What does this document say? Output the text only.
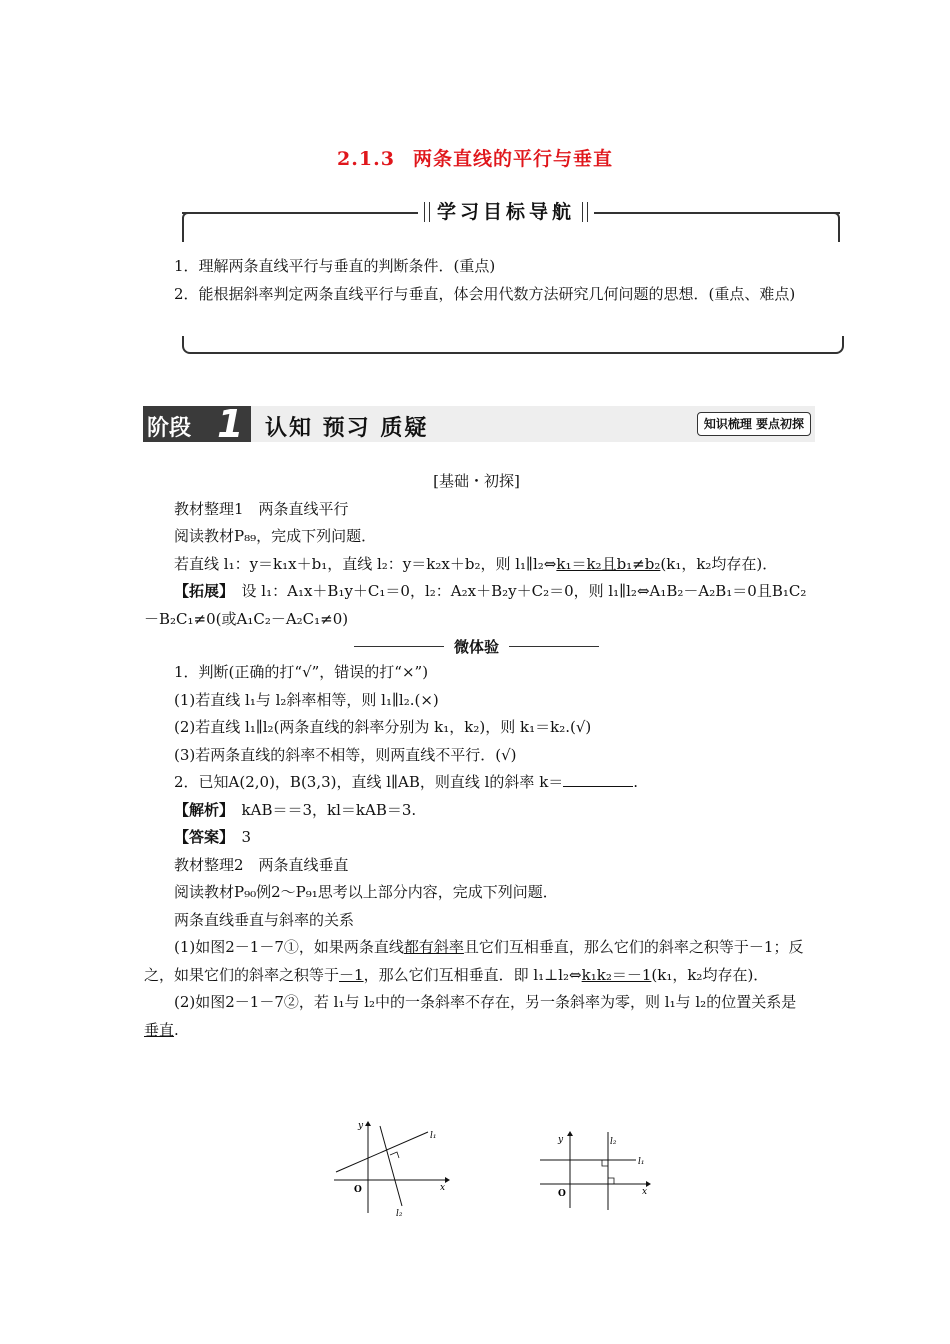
2.1.3 两条直线的平行与垂直
学习目标导航

1．理解两条直线平行与垂直的判断条件．(重点)

2．能根据斜率判定两条直线平行与垂直，体会用代数方法研究几何问题的思想．(重点、难点)

阶段 1 认知 预习 质疑	知识梳理 要点初探

[基础・初探]

教材整理1　两条直线平行

阅读教材P₈₉，完成下列问题．

若直线 l₁：y＝k₁x＋b₁，直线 l₂：y＝k₂x＋b₂，则 l₁∥l₂⇔k₁＝k₂且b₁≠b₂(k₁，k₂均存在)．

【拓展】　 设 l₁：A₁x＋B₁y＋C₁＝0，l₂：A₂x＋B₂y＋C₂＝0，则 l₁∥l₂⇔A₁B₂－A₂B₁＝0且B₁C₂－B₂C₁≠0(或A₁C₂－A₂C₁≠0)

微体验

1．判断(正确的打“√”，错误的打“×”)

(1)若直线 l₁与 l₂斜率相等，则 l₁∥l₂.(×)

(2)若直线 l₁∥l₂(两条直线的斜率分别为 k₁，k₂)，则 k₁＝k₂.(√)

(3)若两条直线的斜率不相等，则两直线不平行．(√)

2．已知A(2,0)，B(3,3)，直线 l∥AB，则直线 l的斜率 k＝	.

【解析】　 kAB＝＝3，kl＝kAB＝3.

【答案】　 3

教材整理2　两条直线垂直

阅读教材P₉₀例2～P₉₁思考以上部分内容，完成下列问题．

两条直线垂直与斜率的关系

(1)如图2－1－7①，如果两条直线都有斜率且它们互相垂直，那么它们的斜率之积等于－1；反之，如果它们的斜率之积等于－1，那么它们互相垂直．即 l₁⊥l₂⇔k₁k₂＝－1(k₁，k₂均存在)．

(2)如图2－1－7②，若 l₁与 l₂中的一条斜率不存在，另一条斜率为零，则 l₁与 l₂的位置关系是垂直.

y
x
O
l₁
l₂
y
x
O
l₁
l₂
